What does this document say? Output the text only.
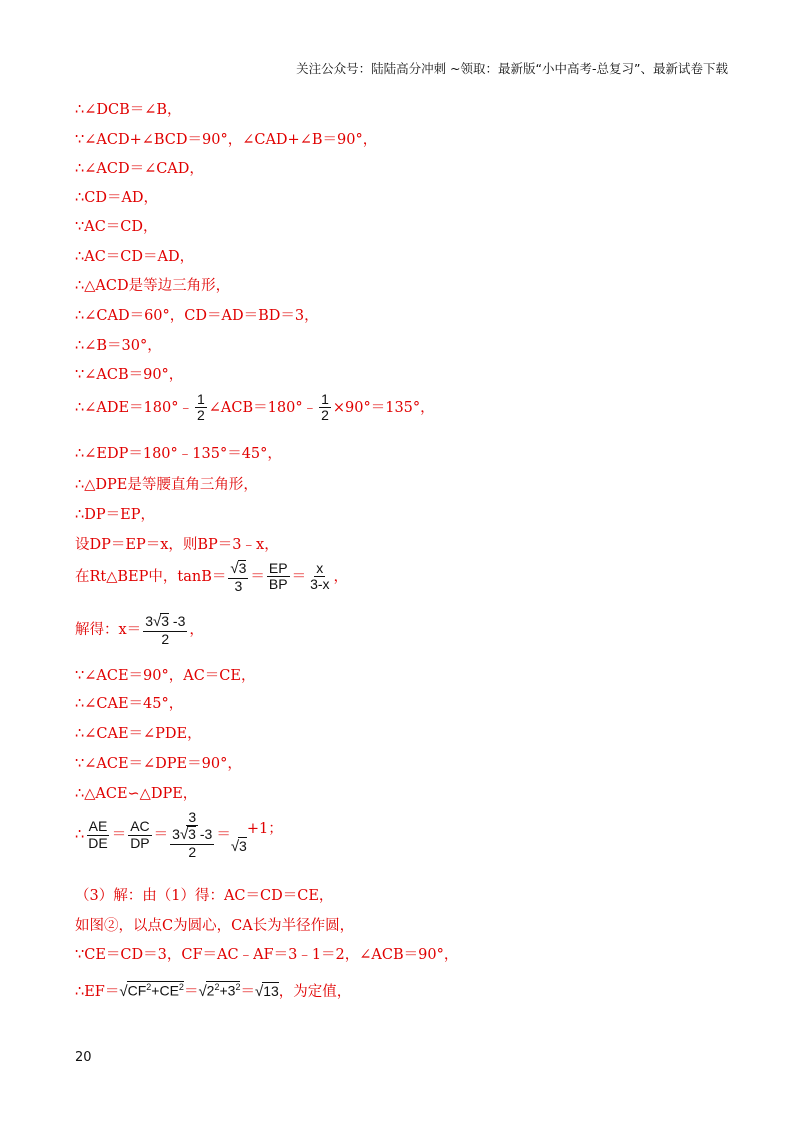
关注公众号：陆陆高分冲刺 ~领取：最新版“小中高考-总复习”、最新试卷下载
∴∠DCB＝∠B，
∵∠ACD+∠BCD＝90°，∠CAD+∠B＝90°，
∴∠ACD＝∠CAD，
∴CD＝AD，
∵AC＝CD，
∴AC＝CD＝AD，
∴△ACD是等边三角形，
∴∠CAD＝60°，CD＝AD＝BD＝3，
∴∠B＝30°，
∵∠ACB＝90°，
∴∠ADE＝180°﹣ $\frac{1}{2}$ ∠ACB＝180°﹣ $\frac{1}{2} \times 90^\circ=135^\circ$，
∴∠EDP＝180°﹣135°＝45°，
∴△DPE是等腰直角三角形，
∴DP＝EP，
设DP＝EP＝x，则BP＝3﹣x，
在Rt△BEP中，$\tan B= \frac{√3}{3} = \frac{EP}{BP} = \frac{x}{3-x}$ ，
解得：$x= \frac{3√3 -3}{2}$ ，
∵∠ACE＝90°，AC＝CE，
∴∠CAE＝45°，
∴∠CAE＝∠PDE，
∵∠ACE＝∠DPE＝90°，
∴△ACE∽△DPE，
∴ $\frac{AE}{DE} = \frac{AC}{DP}$ ＝
3
3√3 -3
2
＝√3+1；
（3）解：由（1）得：AC＝CD＝CE，
如图②，以点C为圆心，CA长为半径作圆，
∵CE＝CD＝3，CF＝AC﹣AF＝3﹣1＝2，∠ACB＝90°，
$\therefore EF=√CF^2+CE^2=√2^2+3^2=√13$，为定值，
20
